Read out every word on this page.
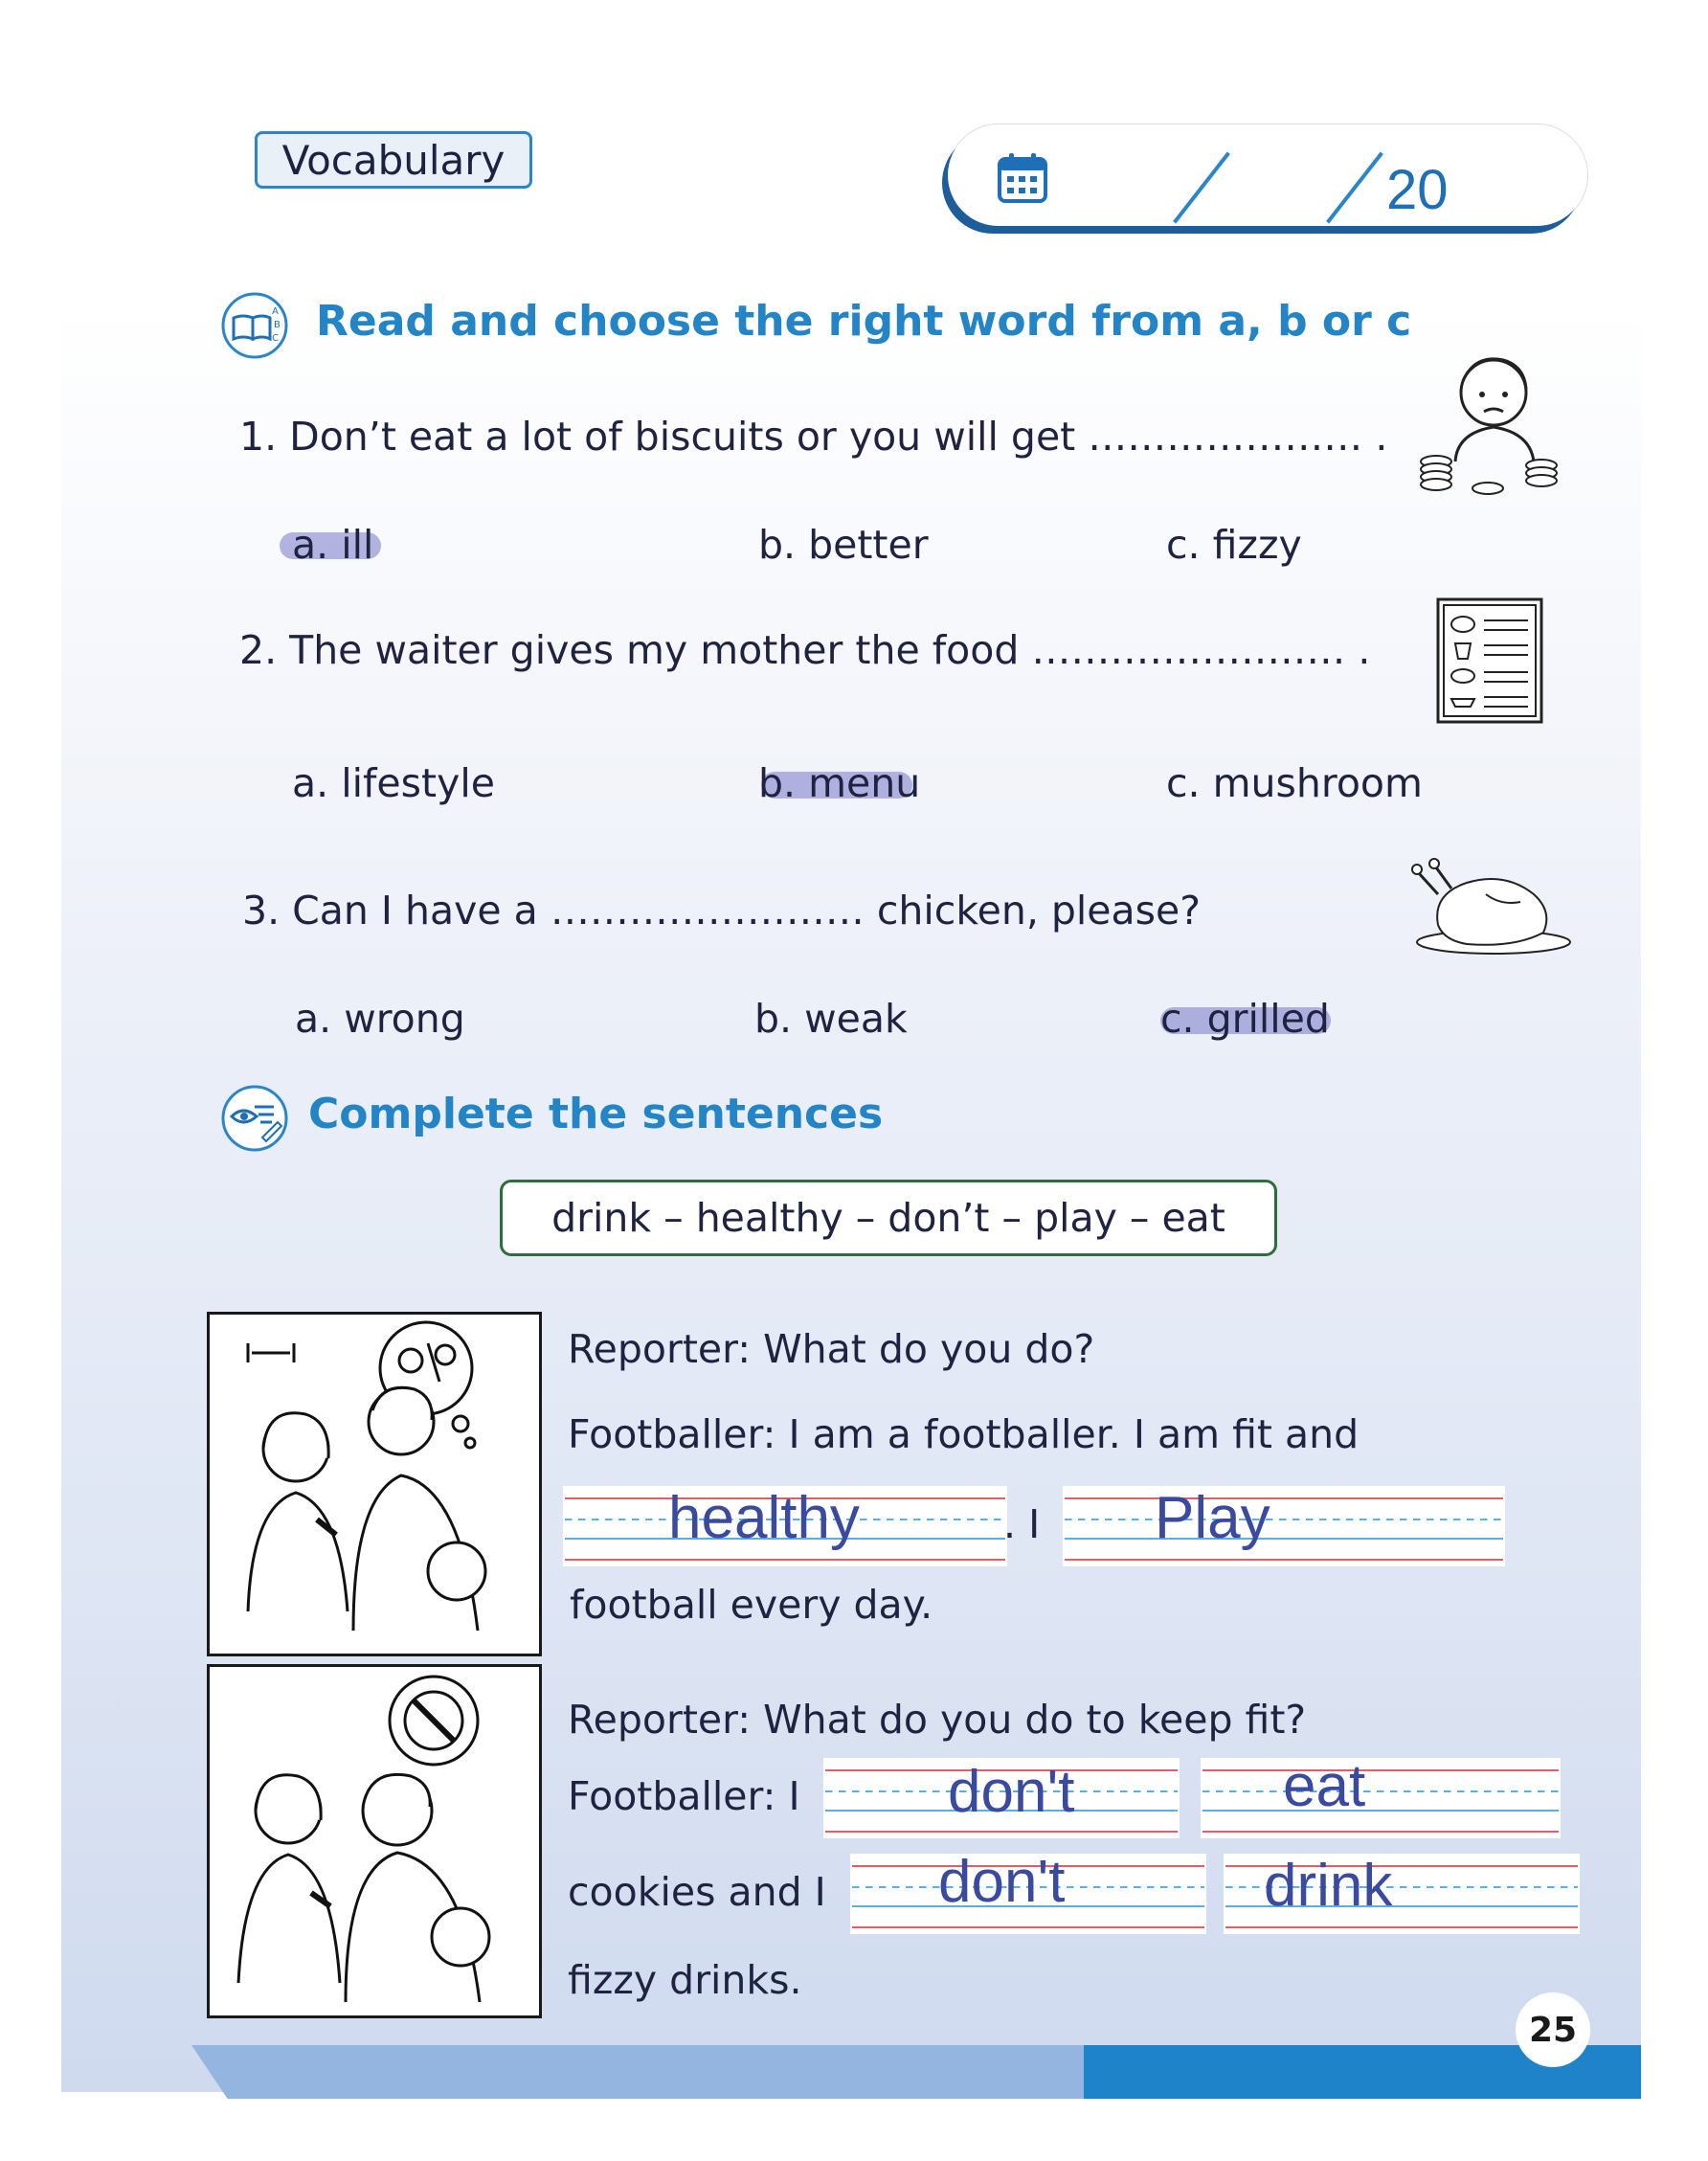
Vocabulary	20
A
B
C Read and choose the right word from a, b or c
1. Don’t eat a lot of biscuits or you will get ………………… .
a. ill	b. better	c. fizzy
2. The waiter gives my mother the food …………………… .
a. lifestyle	b. menu	c. mushroom
3. Can I have a …………………… chicken, please?
a. wrong	b. weak	c. grilled
Complete the sentences
drink – healthy – don’t – play – eat
Reporter: What do you do?
Footballer: I am a footballer. I am fit and
healthy	. I Play
football every day.
Reporter: What do you do to keep fit?
Footballer: I don't	eat
cookies and I don't	drink
fizzy drinks.
25
